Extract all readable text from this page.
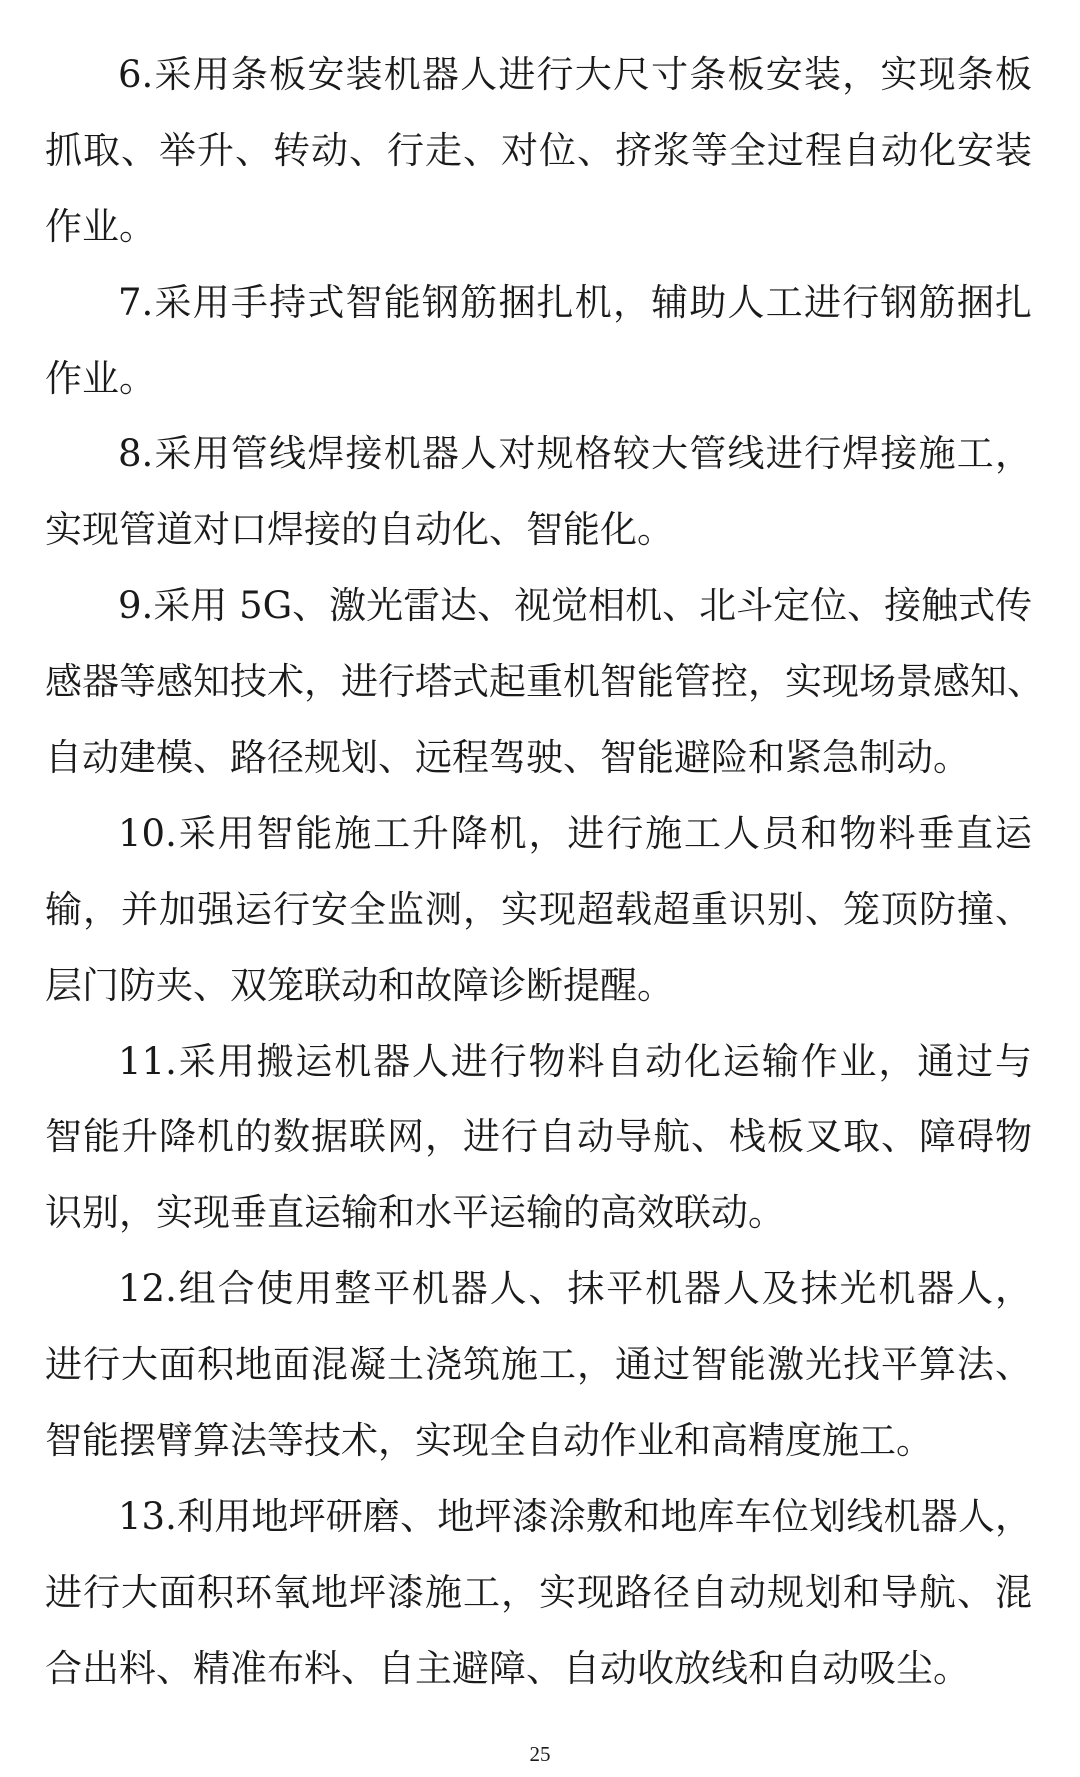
6.采用条板安装机器人进行大尺寸条板安装，实现条板
抓取、举升、转动、行走、对位、挤浆等全过程自动化安装
作业。
7.采用手持式智能钢筋捆扎机，辅助人工进行钢筋捆扎
作业。
8.采用管线焊接机器人对规格较大管线进行焊接施工，
实现管道对口焊接的自动化、智能化。
9.采用 5G、激光雷达、视觉相机、北斗定位、接触式传
感器等感知技术，进行塔式起重机智能管控，实现场景感知、
自动建模、路径规划、远程驾驶、智能避险和紧急制动。
10.采用智能施工升降机，进行施工人员和物料垂直运
输，并加强运行安全监测，实现超载超重识别、笼顶防撞、
层门防夹、双笼联动和故障诊断提醒。
11.采用搬运机器人进行物料自动化运输作业，通过与
智能升降机的数据联网，进行自动导航、栈板叉取、障碍物
识别，实现垂直运输和水平运输的高效联动。
12.组合使用整平机器人、抹平机器人及抹光机器人，
进行大面积地面混凝土浇筑施工，通过智能激光找平算法、
智能摆臂算法等技术，实现全自动作业和高精度施工。
13.利用地坪研磨、地坪漆涂敷和地库车位划线机器人，
进行大面积环氧地坪漆施工，实现路径自动规划和导航、混
合出料、精准布料、自主避障、自动收放线和自动吸尘。
25
